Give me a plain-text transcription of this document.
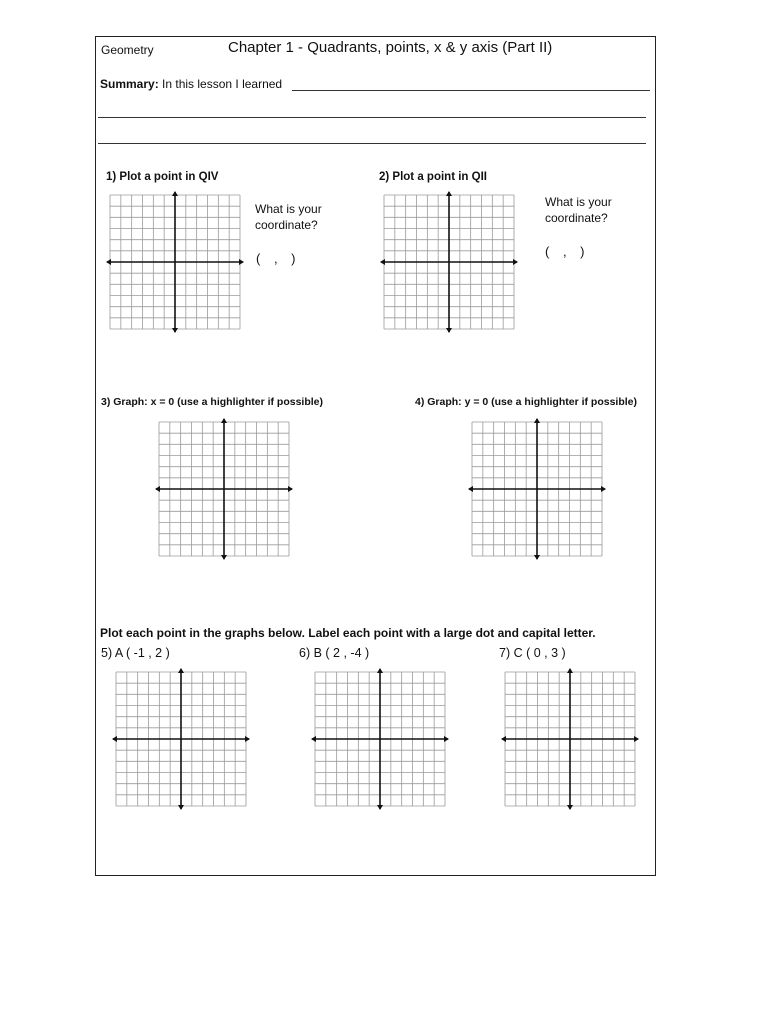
Geometry	Chapter 1 - Quadrants, points, x & y axis (Part II)
Summary: In this lesson I learned
1) Plot a point in QIV
What is your coordinate?
( , )
2) Plot a point in QII
What is your coordinate?
( , )
3) Graph: x = 0 (use a highlighter if possible)	4) Graph: y = 0 (use a highlighter if possible)
Plot each point in the graphs below. Label each point with a large dot and capital letter.
5) A ( -1 , 2 )	6) B ( 2 , -4 )	7) C ( 0 , 3 )
